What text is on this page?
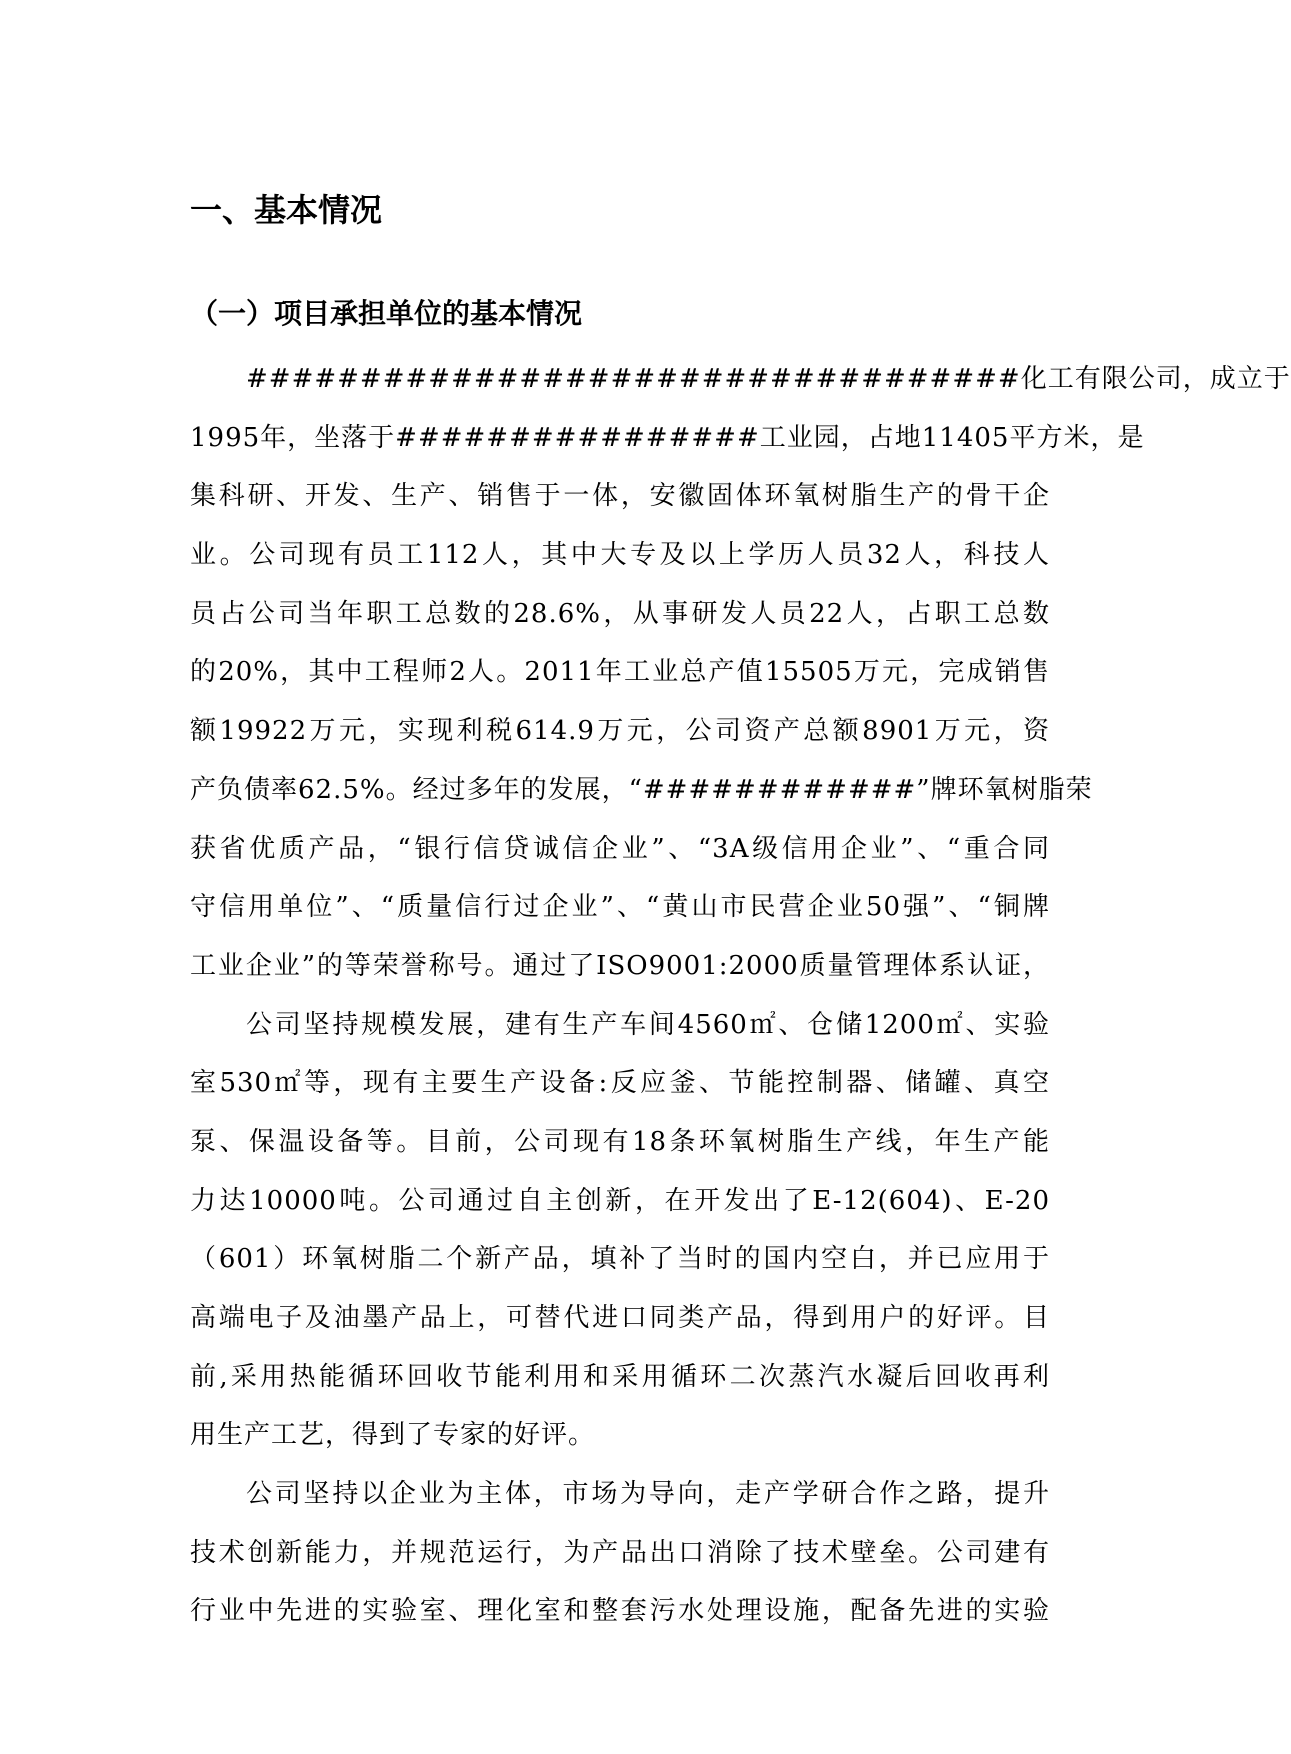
一、基本情况
（一）项目承担单位的基本情况
##################################化工有限公司，成立于
1995年，坐落于################工业园，占地11405平方米，是
集科研、开发、生产、销售于一体，安徽固体环氧树脂生产的骨干企
业。公司现有员工112人，其中大专及以上学历人员32人，科技人
员占公司当年职工总数的28.6%，从事研发人员22人，占职工总数
的20%，其中工程师2人。2011年工业总产值15505万元，完成销售
额19922万元，实现利税614.9万元，公司资产总额8901万元，资
产负债率62.5%。经过多年的发展，“############”牌环氧树脂荣
获省优质产品，“银行信贷诚信企业”、“3A级信用企业”、“重合同
守信用单位”、“质量信行过企业”、“黄山市民营企业50强”、“铜牌
工业企业”的等荣誉称号。通过了ISO9001:2000质量管理体系认证，
公司坚持规模发展，建有生产车间4560㎡、仓储1200㎡、实验
室530㎡等，现有主要生产设备:反应釜、节能控制器、储罐、真空
泵、保温设备等。目前，公司现有18条环氧树脂生产线，年生产能
力达10000吨。公司通过自主创新，在开发出了E-12(604)、E-20
（601）环氧树脂二个新产品，填补了当时的国内空白，并已应用于
高端电子及油墨产品上，可替代进口同类产品，得到用户的好评。目
前,采用热能循环回收节能利用和采用循环二次蒸汽水凝后回收再利
用生产工艺，得到了专家的好评。
公司坚持以企业为主体，市场为导向，走产学研合作之路，提升
技术创新能力，并规范运行，为产品出口消除了技术壁垒。公司建有
行业中先进的实验室、理化室和整套污水处理设施，配备先进的实验
